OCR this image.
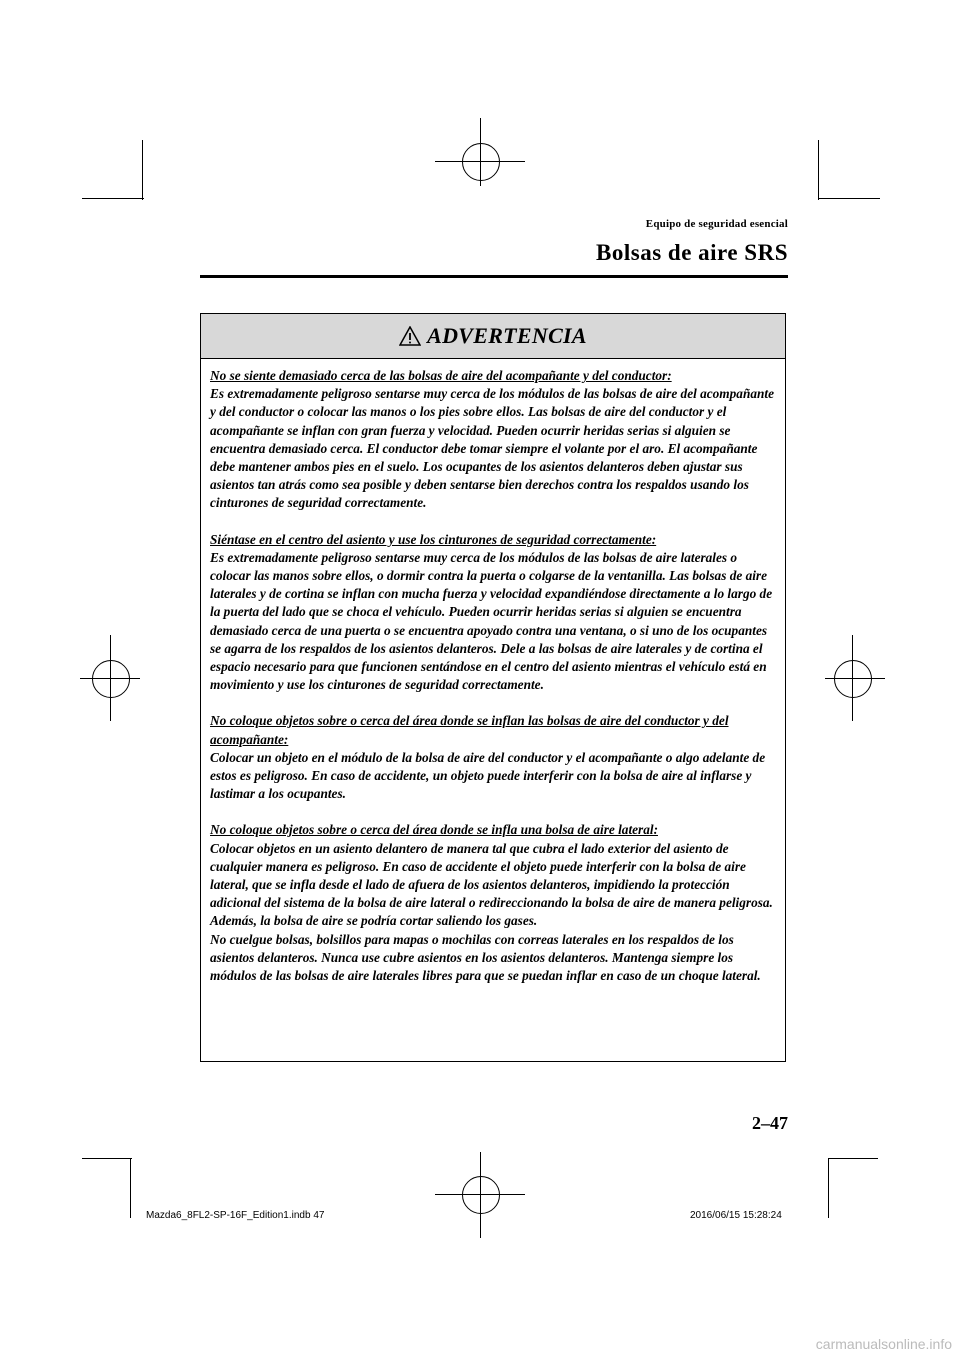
Equipo de seguridad esencial
Bolsas de aire SRS
ADVERTENCIA
No se siente demasiado cerca de las bolsas de aire del acompañante y del conductor:
Es extremadamente peligroso sentarse muy cerca de los módulos de las bolsas de aire del acompañante y del conductor o colocar las manos o los pies sobre ellos. Las bolsas de aire del conductor y el acompañante se inflan con gran fuerza y velocidad. Pueden ocurrir heridas serias si alguien se encuentra demasiado cerca. El conductor debe tomar siempre el volante por el aro. El acompañante debe mantener ambos pies en el suelo. Los ocupantes de los asientos delanteros deben ajustar sus asientos tan atrás como sea posible y deben sentarse bien derechos contra los respaldos usando los cinturones de seguridad correctamente.
Siéntase en el centro del asiento y use los cinturones de seguridad correctamente:
Es extremadamente peligroso sentarse muy cerca de los módulos de las bolsas de aire laterales o colocar las manos sobre ellos, o dormir contra la puerta o colgarse de la ventanilla. Las bolsas de aire laterales y de cortina se inflan con mucha fuerza y velocidad expandiéndose directamente a lo largo de la puerta del lado que se choca el vehículo. Pueden ocurrir heridas serias si alguien se encuentra demasiado cerca de una puerta o se encuentra apoyado contra una ventana, o si uno de los ocupantes se agarra de los respaldos de los asientos delanteros. Dele a las bolsas de aire laterales y de cortina el espacio necesario para que funcionen sentándose en el centro del asiento mientras el vehículo está en movimiento y use los cinturones de seguridad correctamente.
No coloque objetos sobre o cerca del área donde se inflan las bolsas de aire del conductor y del acompañante:
Colocar un objeto en el módulo de la bolsa de aire del conductor y el acompañante o algo adelante de estos es peligroso. En caso de accidente, un objeto puede interferir con la bolsa de aire al inflarse y lastimar a los ocupantes.
No coloque objetos sobre o cerca del área donde se infla una bolsa de aire lateral:
Colocar objetos en un asiento delantero de manera tal que cubra el lado exterior del asiento de cualquier manera es peligroso. En caso de accidente el objeto puede interferir con la bolsa de aire lateral, que se infla desde el lado de afuera de los asientos delanteros, impidiendo la protección adicional del sistema de la bolsa de aire lateral o redireccionando la bolsa de aire de manera peligrosa. Además, la bolsa de aire se podría cortar saliendo los gases.
No cuelgue bolsas, bolsillos para mapas o mochilas con correas laterales en los respaldos de los asientos delanteros. Nunca use cubre asientos en los asientos delanteros. Mantenga siempre los módulos de las bolsas de aire laterales libres para que se puedan inflar en caso de un choque lateral.
2–47
Mazda6_8FL2-SP-16F_Edition1.indb 47	2016/06/15 15:28:24
carmanualsonline.info
